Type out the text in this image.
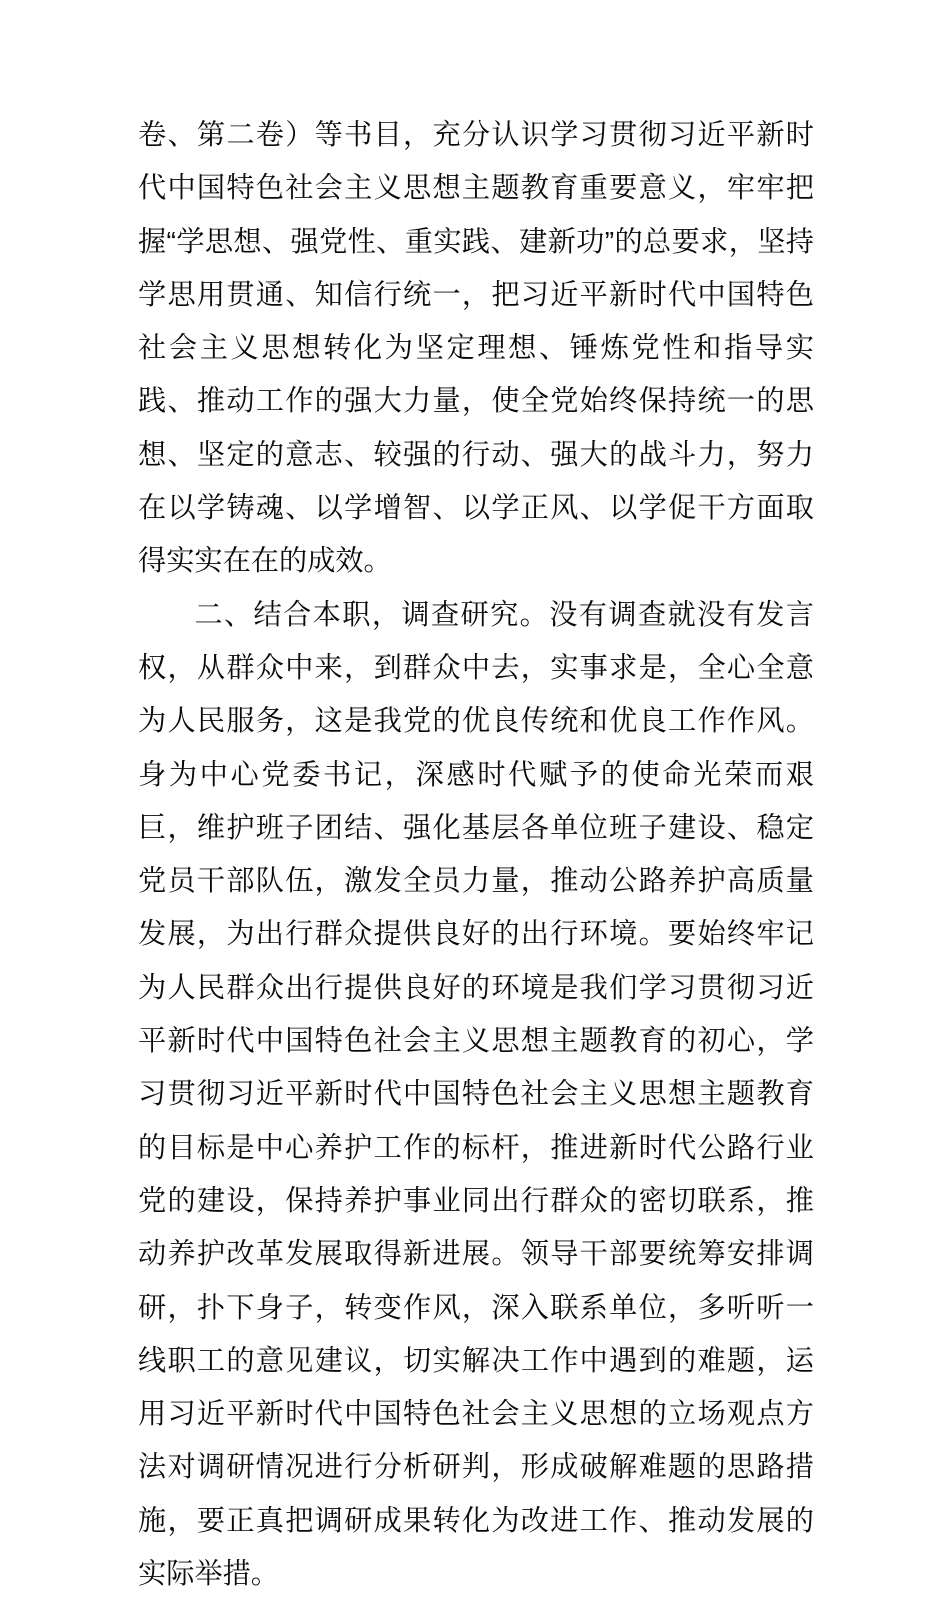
卷、第二卷）等书目，充分认识学习贯彻习近平新时代中国特色社会主义思想主题教育重要意义，牢牢把握“学思想、强党性、重实践、建新功”的总要求，坚持学思用贯通、知信行统一，把习近平新时代中国特色社会主义思想转化为坚定理想、锤炼党性和指导实践、推动工作的强大力量，使全党始终保持统一的思想、坚定的意志、较强的行动、强大的战斗力，努力在以学铸魂、以学增智、以学正风、以学促干方面取得实实在在的成效。

二、结合本职，调查研究。没有调查就没有发言权，从群众中来，到群众中去，实事求是，全心全意为人民服务，这是我党的优良传统和优良工作作风。身为中心党委书记，深感时代赋予的使命光荣而艰巨，维护班子团结、强化基层各单位班子建设、稳定党员干部队伍，激发全员力量，推动公路养护高质量发展，为出行群众提供良好的出行环境。要始终牢记为人民群众出行提供良好的环境是我们学习贯彻习近平新时代中国特色社会主义思想主题教育的初心，学习贯彻习近平新时代中国特色社会主义思想主题教育的目标是中心养护工作的标杆，推进新时代公路行业党的建设，保持养护事业同出行群众的密切联系，推动养护改革发展取得新进展。领导干部要统筹安排调研，扑下身子，转变作风，深入联系单位，多听听一线职工的意见建议，切实解决工作中遇到的难题，运用习近平新时代中国特色社会主义思想的立场观点方法对调研情况进行分析研判，形成破解难题的思路措施，要正真把调研成果转化为改进工作、推动发展的实际举措。
